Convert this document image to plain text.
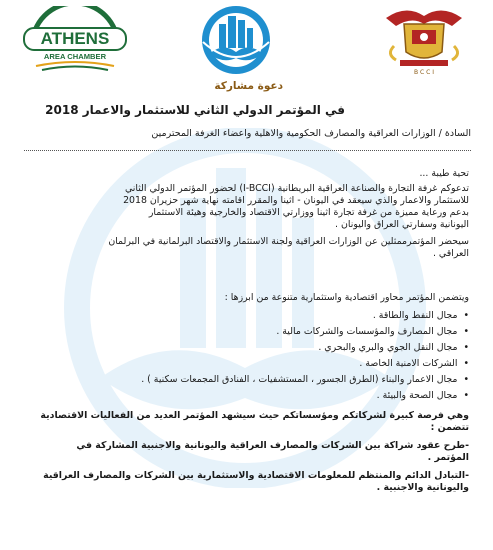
ATHENS
AREA CHAMBER
B C C I
دعوة مشاركة
في المؤتمر الدولي الثاني للاستثمار والاعمار 2018
السادة / الوزارات العراقية والمصارف الحكومية والاهلية واعضاء الغرفة المحترمين
تحية طيبة ...
تدعوكم غرفة التجارة والصناعة العراقية البريطانية (I-BCCI) لحضور المؤتمر الدولي الثاني
للاستثمار والاعمار والذي سيعقد في اليونان - اثينا والمقرر اقامته نهاية شهر حزيران 2018
بدعم ورعاية مميزة من غرفة تجارة اثينا ووزارتي الاقتصاد والخارجية وهيئة الاستثمار
اليونانية وسفارتي العراق واليونان .
سيحضر المؤتمرممثلين عن الوزارات العراقية ولجنة الاستثمار والاقتصاد البرلمانية في البرلمان
العراقي .
ويتضمن المؤتمر محاور اقتصادية واستثمارية متنوعة من ابرزها :
• مجال النفط والطاقة .
• مجال المصارف والمؤسسات والشركات مالية .
• مجال النقل الجوي والبري والبحري .
• الشركات الامنية الخاصة .
• مجال الاعمار والبناء (الطرق الجسور ، المستشفيات ، الفنادق المجمعات سكنية ) .
• مجال الصحة والبيئة .
وهي فرصة كبيرة لشركاتكم ومؤسساتكم حيث سيشهد المؤتمر العديد من الفعاليات الاقتصادية
تتضمن :
-طرح عقود شراكة بين الشركات والمصارف العراقية واليونانية والاجنبية المشاركة في
المؤتمر .
-التبادل الدائم والمنتظم للمعلومات الاقتصادية والاستثمارية بين الشركات والمصارف العراقية
واليونانية والاجنبية .
